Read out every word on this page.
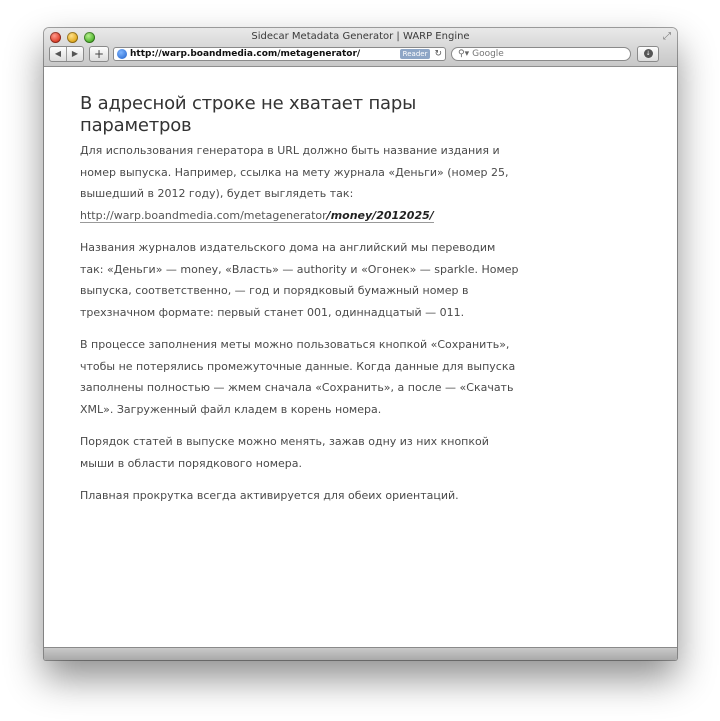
Sidecar Metadata Generator | WARP Engine	⤢
◀	▶	+	http://warp.boandmedia.com/metagenerator/	Reader ↻ ⚲▾
Google	↓
В адресной строке не хватает пары параметров

Для использования генератора в URL должно быть название издания и номер выпуска. Например, ссылка на мету журнала «Деньги» (номер 25, вышедший в 2012 году), будет выглядеть так:
http://warp.boandmedia.com/metagenerator/money/2012025/

Названия журналов издательского дома на английский мы переводим так: «Деньги» — money, «Власть» — authority и «Огонек» — sparkle. Номер выпуска, соответственно, — год и порядковый бумажный номер в трехзначном формате: первый станет 001, одиннадцатый — 011.

В процессе заполнения меты можно пользоваться кнопкой «Сохранить», чтобы не потерялись промежуточные данные. Когда данные для выпуска заполнены полностью — жмем сначала «Сохранить», а после — «Скачать XML». Загруженный файл кладем в корень номера.

Порядок статей в выпуске можно менять, зажав одну из них кнопкой мыши в области порядкового номера.

Плавная прокрутка всегда активируется для обеих ориентаций.
